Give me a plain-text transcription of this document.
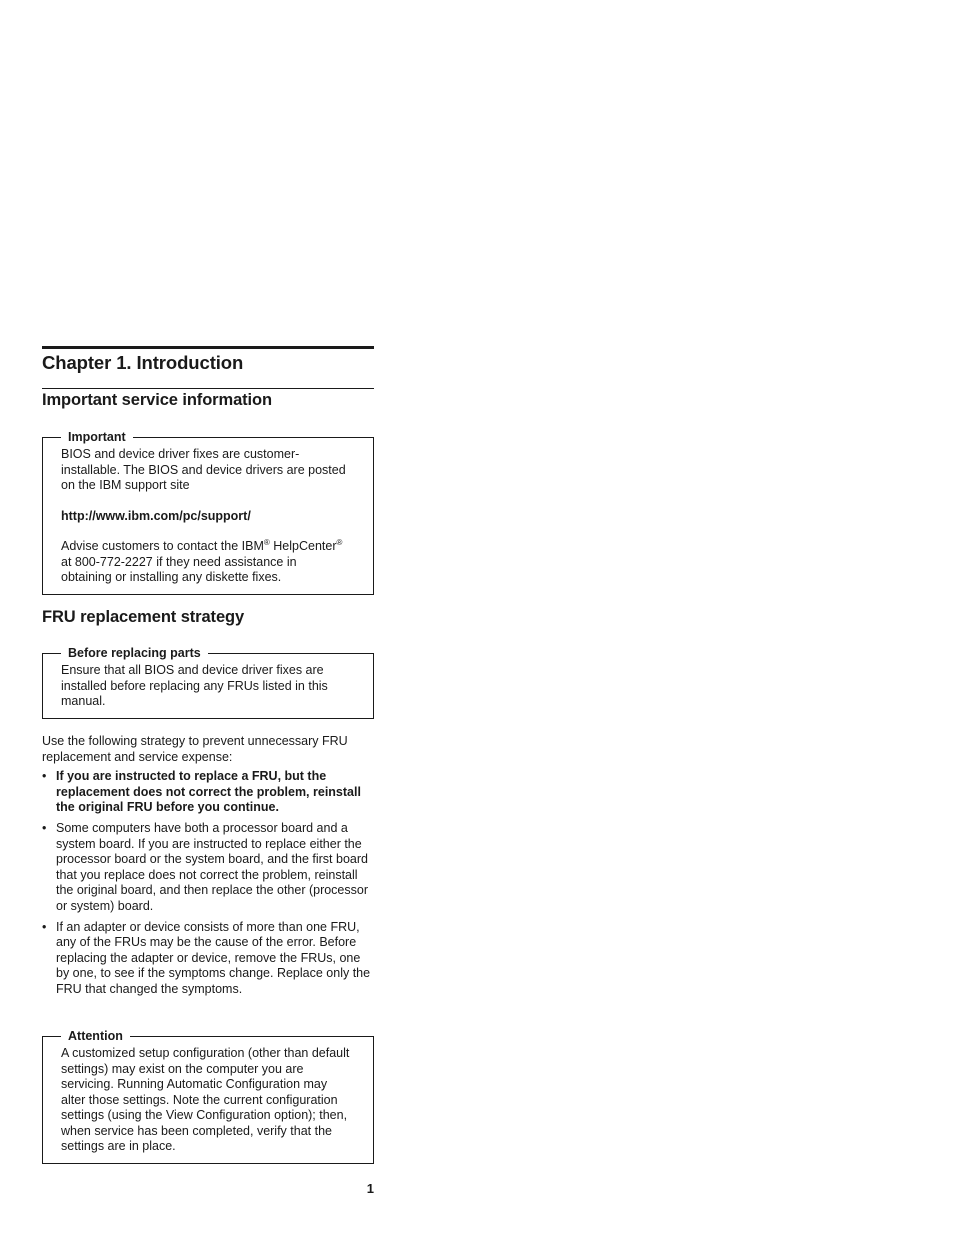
Chapter 1. Introduction
Important service information
Important

BIOS and device driver fixes are customer-installable. The BIOS and device drivers are posted on the IBM support site

http://www.ibm.com/pc/support/

Advise customers to contact the IBM® HelpCenter® at 800-772-2227 if they need assistance in obtaining or installing any diskette fixes.

FRU replacement strategy
Before replacing parts

Ensure that all BIOS and device driver fixes are installed before replacing any FRUs listed in this manual.

Use the following strategy to prevent unnecessary FRU replacement and service expense:

• If you are instructed to replace a FRU, but the replacement does not correct the problem, reinstall the original FRU before you continue.
• Some computers have both a processor board and a system board. If you are instructed to replace either the processor board or the system board, and the first board that you replace does not correct the problem, reinstall the original board, and then replace the other (processor or system) board.
• If an adapter or device consists of more than one FRU, any of the FRUs may be the cause of the error. Before replacing the adapter or device, remove the FRUs, one by one, to see if the symptoms change. Replace only the FRU that changed the symptoms.
Attention

A customized setup configuration (other than default settings) may exist on the computer you are servicing. Running Automatic Configuration may alter those settings. Note the current configuration settings (using the View Configuration option); then, when service has been completed, verify that the settings are in place.

1
